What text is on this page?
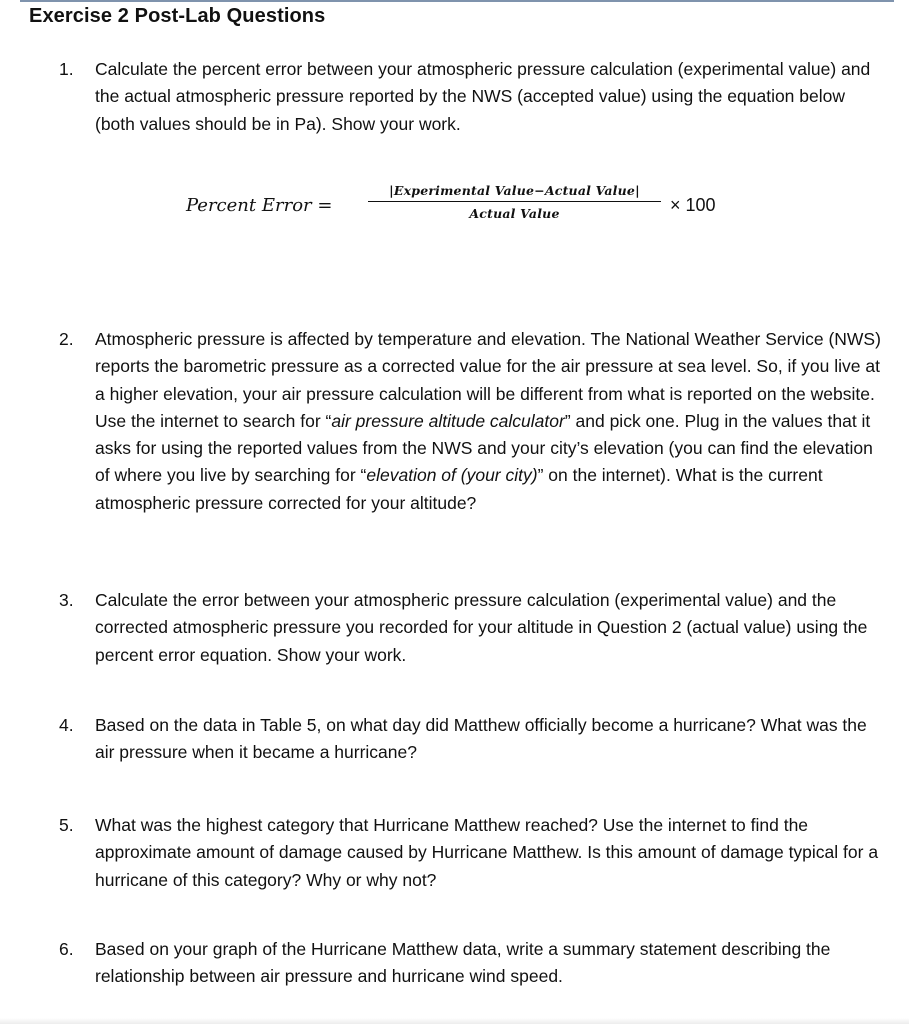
Exercise 2 Post-Lab Questions
1. Calculate the percent error between your atmospheric pressure calculation (experimental value) and the actual atmospheric pressure reported by the NWS (accepted value) using the equation below (both values should be in Pa). Show your work.
Percent Error =
|Experimental Value−Actual Value|
Actual Value	× 100
2. Atmospheric pressure is affected by temperature and elevation. The National Weather Service (NWS) reports the barometric pressure as a corrected value for the air pressure at sea level. So, if you live at a higher elevation, your air pressure calculation will be different from what is reported on the website. Use the internet to search for “air pressure altitude calculator” and pick one. Plug in the values that it asks for using the reported values from the NWS and your city’s elevation (you can find the elevation of where you live by searching for “elevation of (your city)” on the internet). What is the current atmospheric pressure corrected for your altitude?
3. Calculate the error between your atmospheric pressure calculation (experimental value) and the corrected atmospheric pressure you recorded for your altitude in Question 2 (actual value) using the percent error equation. Show your work.
4. Based on the data in Table 5, on what day did Matthew officially become a hurricane? What was the air pressure when it became a hurricane?
5. What was the highest category that Hurricane Matthew reached? Use the internet to find the approximate amount of damage caused by Hurricane Matthew. Is this amount of damage typical for a hurricane of this category? Why or why not?
6. Based on your graph of the Hurricane Matthew data, write a summary statement describing the relationship between air pressure and hurricane wind speed.
